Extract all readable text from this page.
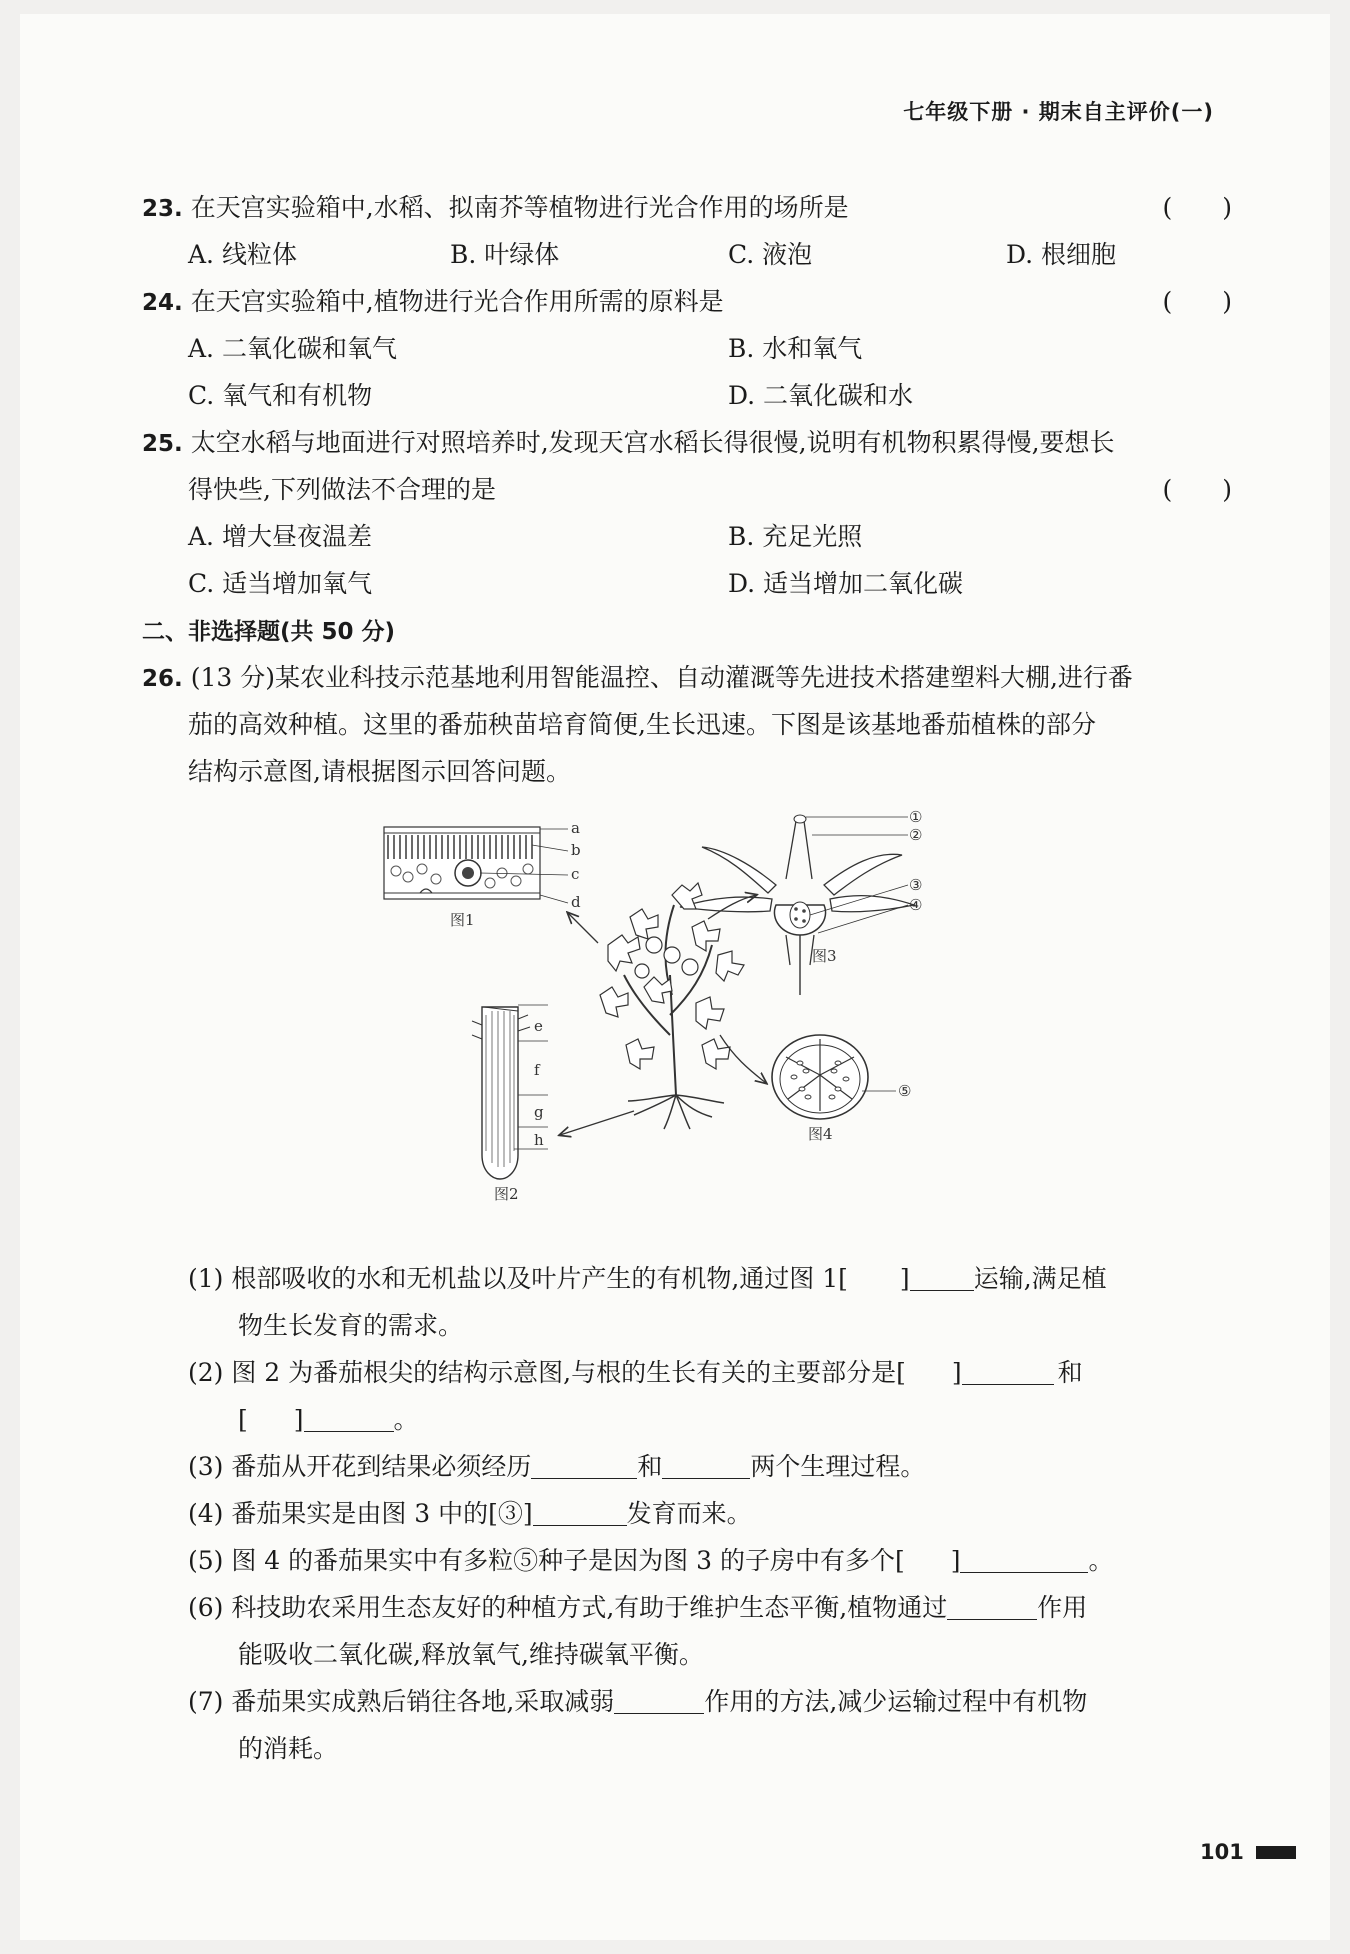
七年级下册 · 期末自主评价(一)
23. 在天宫实验箱中,水稻、拟南芥等植物进行光合作用的场所是	(　　)
A. 线粒体	B. 叶绿体	C. 液泡	D. 根细胞
24. 在天宫实验箱中,植物进行光合作用所需的原料是	(　　)
A. 二氧化碳和氧气	B. 水和氧气
C. 氧气和有机物	D. 二氧化碳和水
25. 太空水稻与地面进行对照培养时,发现天宫水稻长得很慢,说明有机物积累得慢,要想长
得快些,下列做法不合理的是	(　　)
A. 增大昼夜温差	B. 充足光照
C. 适当增加氧气	D. 适当增加二氧化碳
二、非选择题(共 50 分)
26. (13 分)某农业科技示范基地利用智能温控、自动灌溉等先进技术搭建塑料大棚,进行番
茄的高效种植。这里的番茄秧苗培育简便,生长迅速。下图是该基地番茄植株的部分
结构示意图,请根据图示回答问题。
a
b
c
d
图1
①
②
③
④
图3
e
f
g
h
图2
⑤
图4
(1) 根部吸收的水和无机盐以及叶片产生的有机物,通过图 1[ ]	运输,满足植
物生长发育的需求。
(2) 图 2 为番茄根尖的结构示意图,与根的生长有关的主要部分是[ ]	和
[ ]	。
(3) 番茄从开花到结果必须经历	和	两个生理过程。
(4) 番茄果实是由图 3 中的[③]	发育而来。
(5) 图 4 的番茄果实中有多粒⑤种子是因为图 3 的子房中有多个[ ]	。
(6) 科技助农采用生态友好的种植方式,有助于维护生态平衡,植物通过	作用
能吸收二氧化碳,释放氧气,维持碳氧平衡。
(7) 番茄果实成熟后销往各地,采取减弱	作用的方法,减少运输过程中有机物
的消耗。
101
